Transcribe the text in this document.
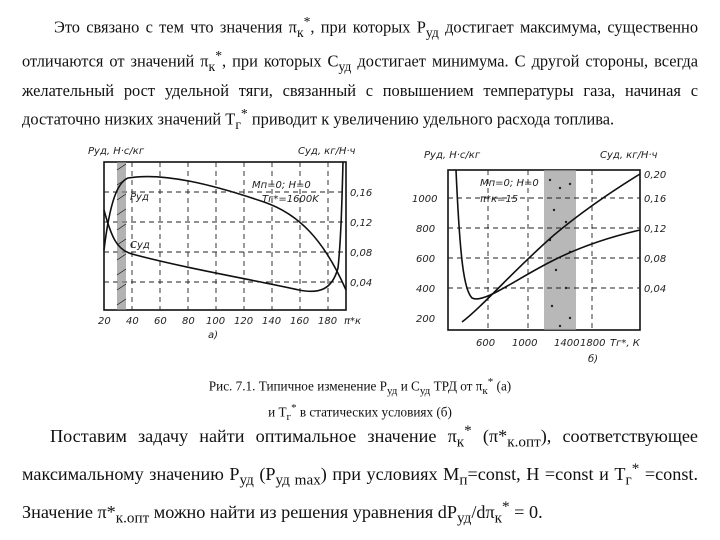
Это связано с тем что значения $\pi_к^*$, при которых $P_{уд}$ достигает максимума, существенно отличаются от значений $\pi_к^*$, при которых $C_{уд}$ достигает минимума. С другой стороны, всегда желательный рост удельной тяги, связанный с повышением температуры газа, начиная с достаточно низких значений $T_г^*$ приводит к увеличению удельного расхода топлива.
Pуд, Н·с/кг	Cуд, кг/Н·ч
Mп=0; H=0
Tг*=1600K
Pуд
Cуд
0,16
0,12
0,08
0,04
20 40 60 80 100 120 140 160 180 π*к
а)
Pуд, Н·с/кг	Cуд, кг/Н·ч
Mп=0; H=0
π*к=15
1000
800
600
400
200
0,20
0,16
0,12
0,08
0,04
600 1000 1400 1800 Tг*, К
б)
Рис. 7.1. Типичное изменение $P_{уд}$ и $C_{уд}$ ТРД от $\pi_к^*$ (а)
и $T_г^*$ в статических условиях (б)
Поставим задачу найти оптимальное значение $\pi_к^*$ $(\pi*_{к.опт})$, соответствующее максимальному значению $P_{уд}$ $(P_{уд max})$ при условиях $M_п=const$, H =const и $T_г^*$ =const. Значение $\pi*_{к.опт}$ можно найти из решения уравнения $dP_{уд}/d\pi_к^* = 0$.
